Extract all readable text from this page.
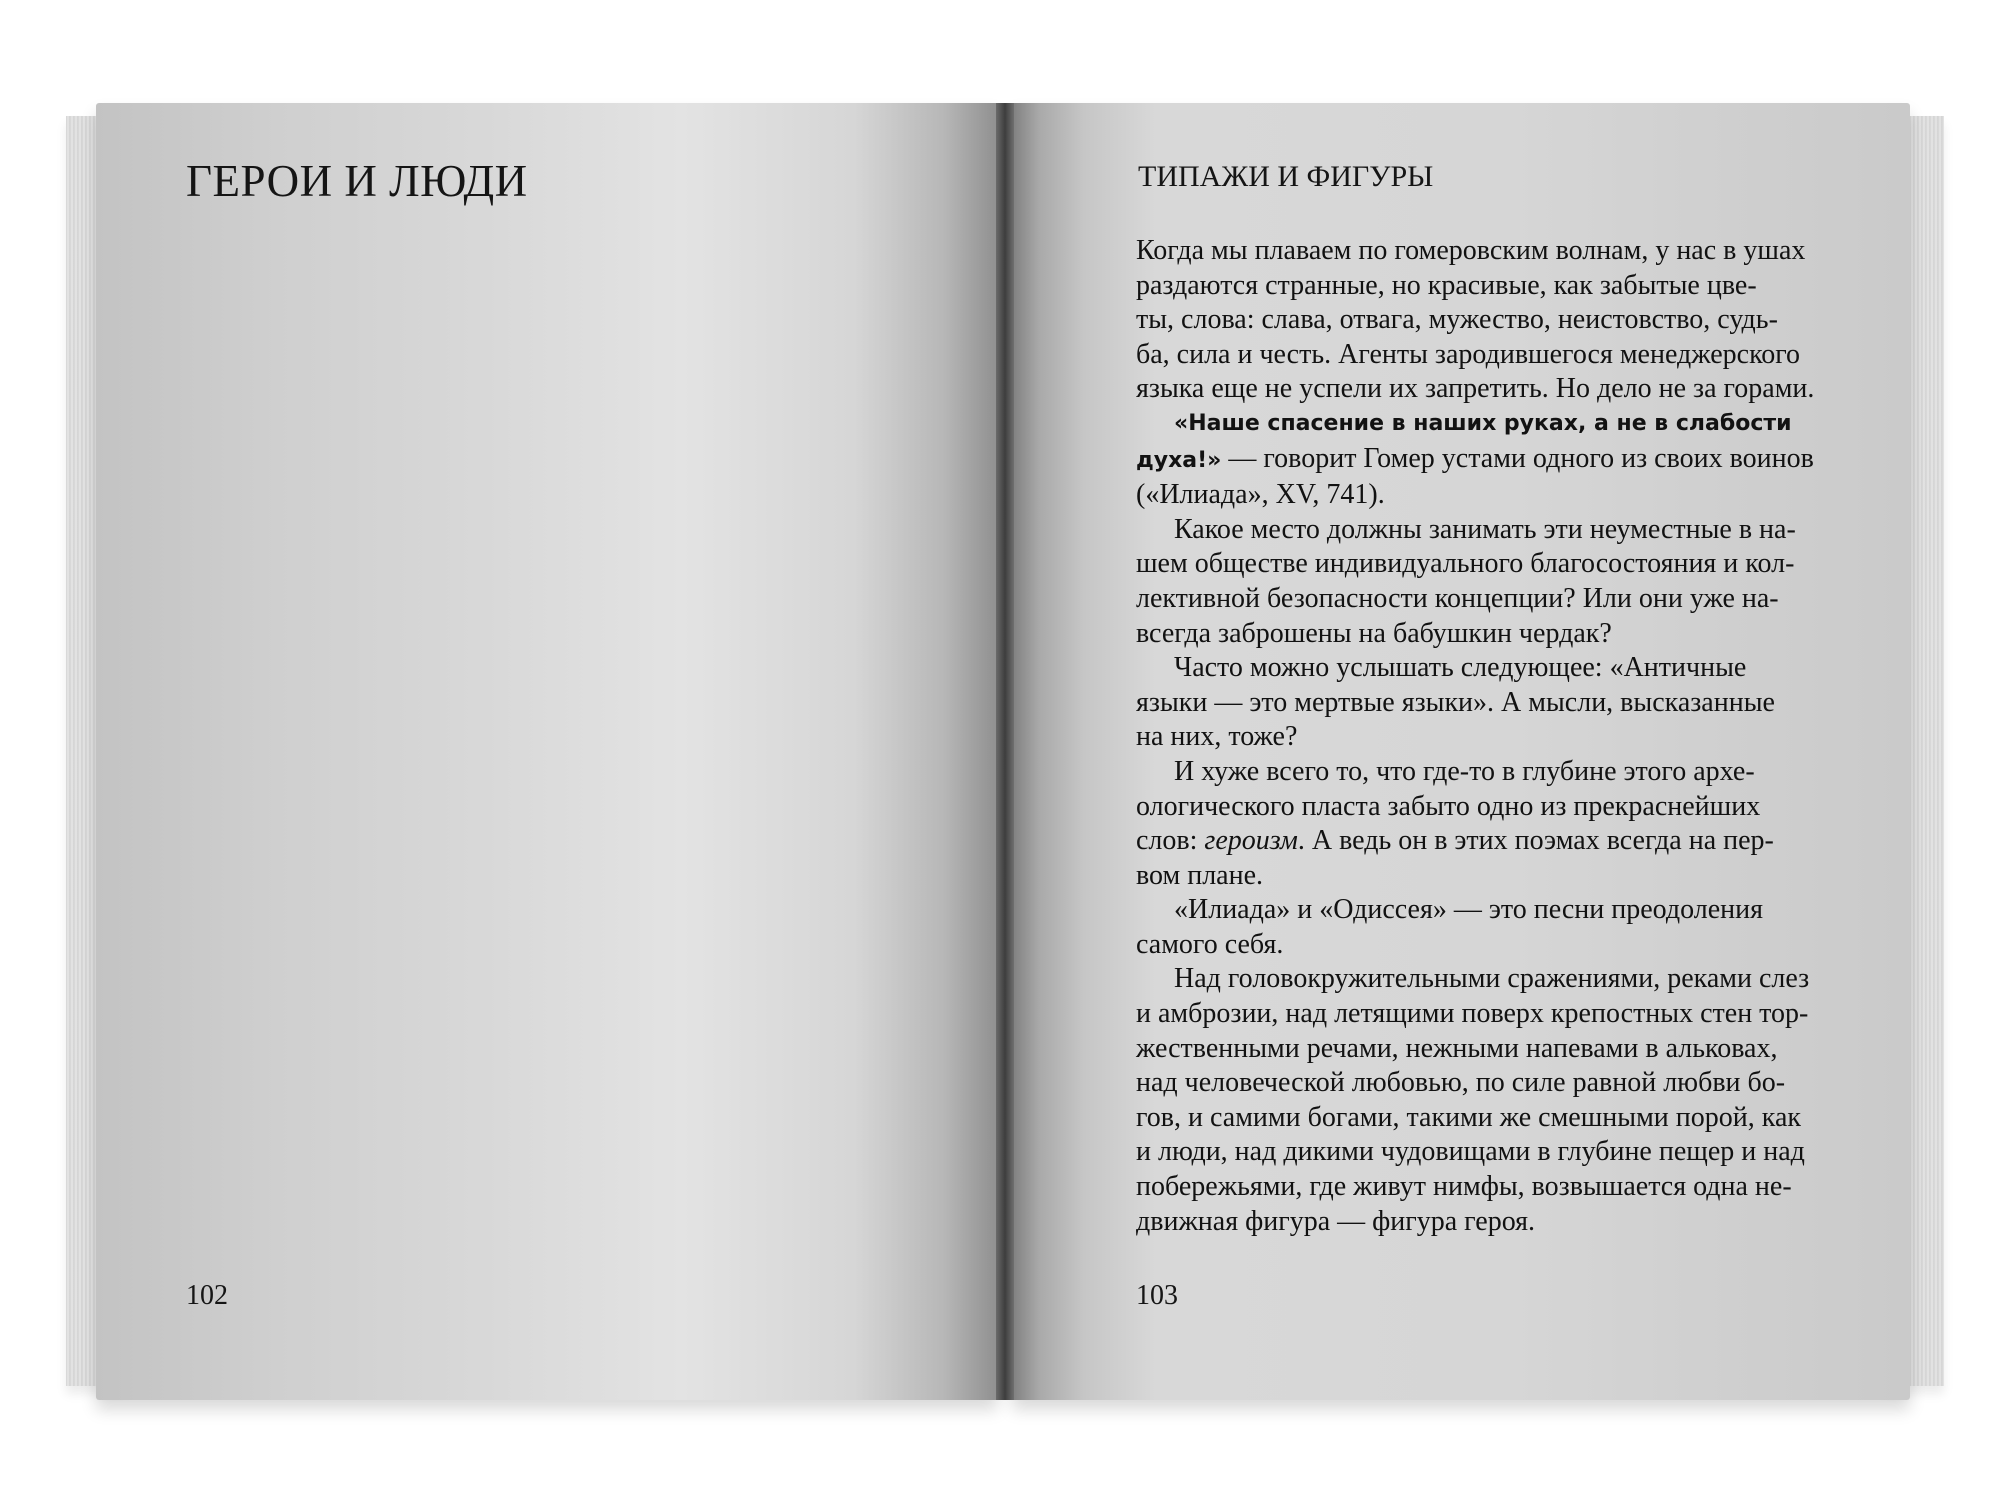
ГЕРОИ И ЛЮДИ
102
ТИПАЖИ И ФИГУРЫ
Когда мы плаваем по гомеровским волнам, у нас в ушах
раздаются странные, но красивые, как забытые цве-
ты, слова: слава, отвага, мужество, неистовство, судь-
ба, сила и честь. Агенты зародившегося менеджерского
языка еще не успели их запретить. Но дело не за горами.
«Наше спасение в наших руках, а не в слабости
духа!» — говорит Гомер устами одного из своих воинов
(«Илиада», XV, 741).
Какое место должны занимать эти неуместные в на-
шем обществе индивидуального благосостояния и кол-
лективной безопасности концепции? Или они уже на-
всегда заброшены на бабушкин чердак?
Часто можно услышать следующее: «Античные
языки — это мертвые языки». А мысли, высказанные
на них, тоже?
И хуже всего то, что где-то в глубине этого архе-
ологического пласта забыто одно из прекраснейших
слов: героизм. А ведь он в этих поэмах всегда на пер-
вом плане.
«Илиада» и «Одиссея» — это песни преодоления
самого себя.
Над головокружительными сражениями, реками слез
и амброзии, над летящими поверх крепостных стен тор-
жественными речами, нежными напевами в альковах,
над человеческой любовью, по силе равной любви бо-
гов, и самими богами, такими же смешными порой, как
и люди, над дикими чудовищами в глубине пещер и над
побережьями, где живут нимфы, возвышается одна не-
движная фигура — фигура героя.
103
